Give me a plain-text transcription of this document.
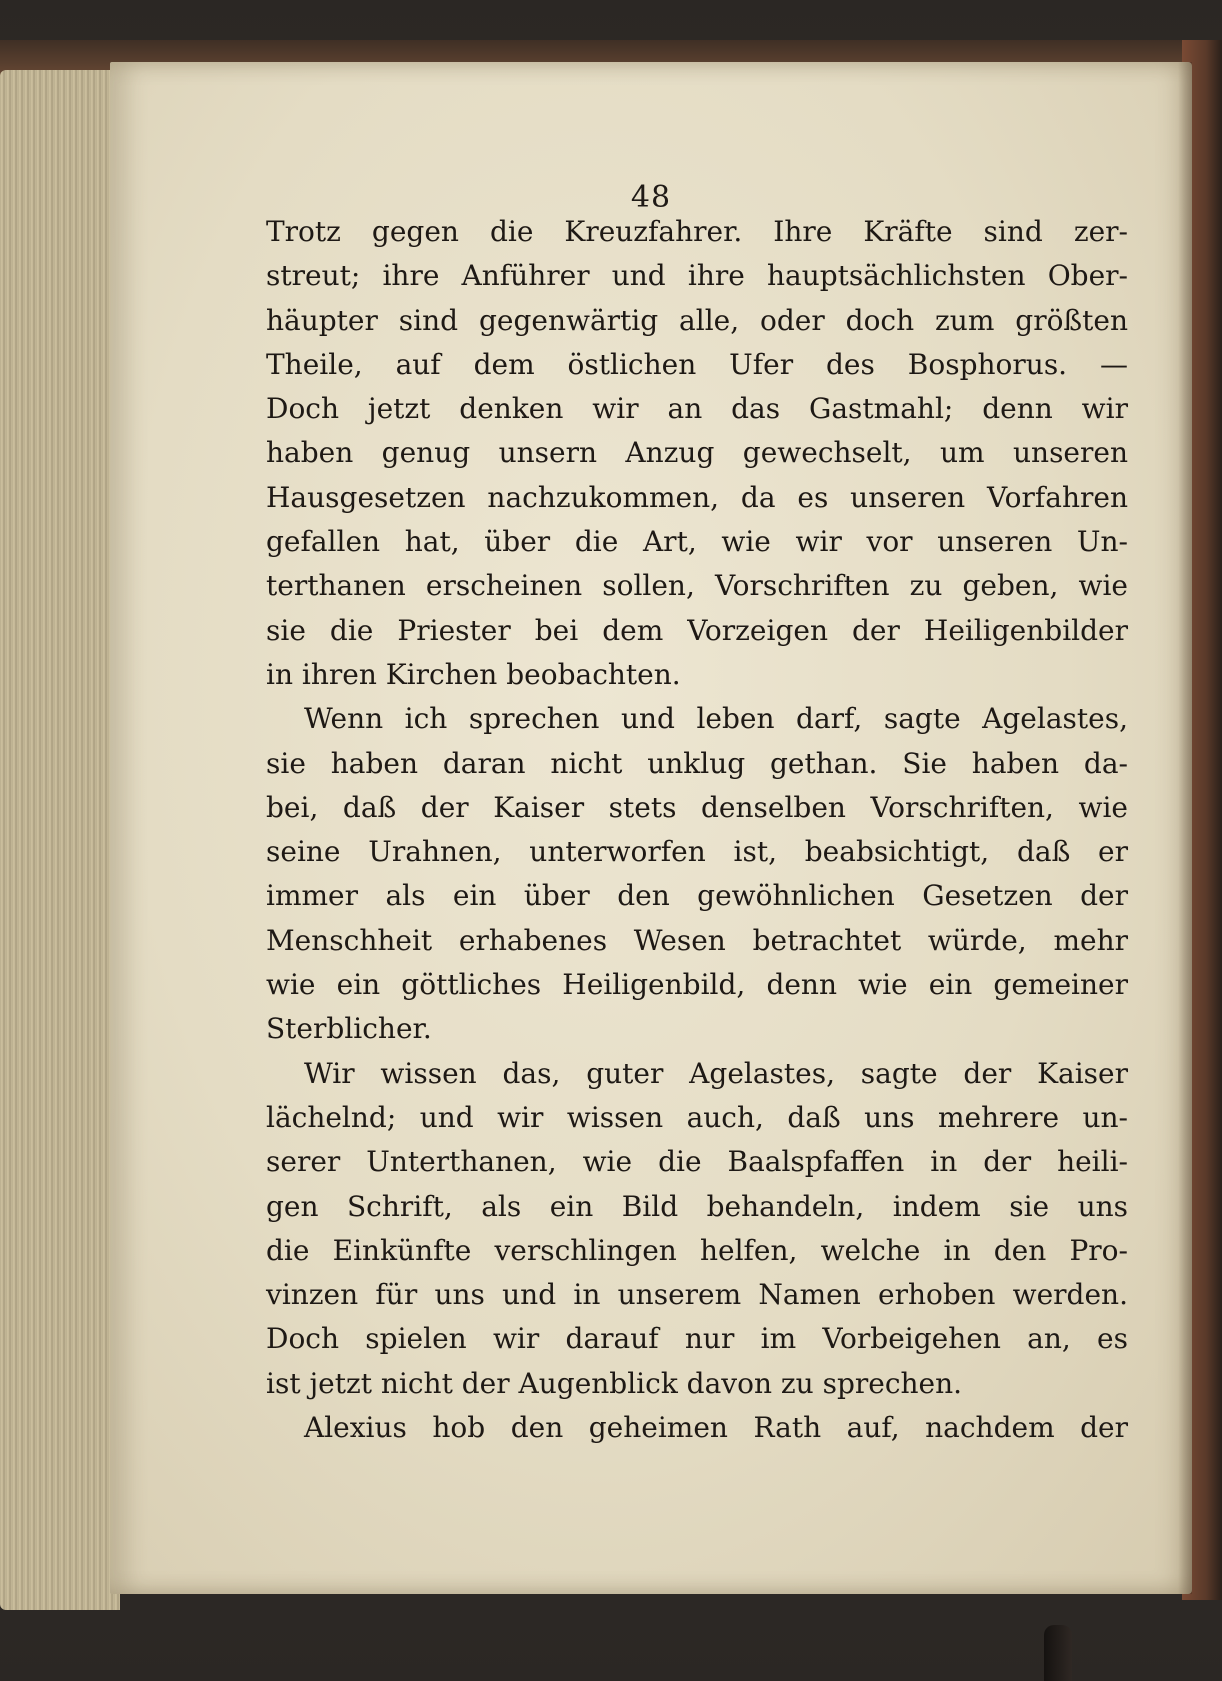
48
Trotz gegen die Kreuzfahrer. Ihre Kräfte sind zer-
streut; ihre Anführer und ihre hauptsächlichsten Ober-
häupter sind gegenwärtig alle, oder doch zum größten
Theile, auf dem östlichen Ufer des Bosphorus. —
Doch jetzt denken wir an das Gastmahl; denn wir
haben genug unsern Anzug gewechselt, um unseren
Hausgesetzen nachzukommen, da es unseren Vorfahren
gefallen hat, über die Art, wie wir vor unseren Un-
terthanen erscheinen sollen, Vorschriften zu geben, wie
sie die Priester bei dem Vorzeigen der Heiligenbilder
in ihren Kirchen beobachten.
Wenn ich sprechen und leben darf, sagte Agelastes,
sie haben daran nicht unklug gethan. Sie haben da-
bei, daß der Kaiser stets denselben Vorschriften, wie
seine Urahnen, unterworfen ist, beabsichtigt, daß er
immer als ein über den gewöhnlichen Gesetzen der
Menschheit erhabenes Wesen betrachtet würde, mehr
wie ein göttliches Heiligenbild, denn wie ein gemeiner
Sterblicher.
Wir wissen das, guter Agelastes, sagte der Kaiser
lächelnd; und wir wissen auch, daß uns mehrere un-
serer Unterthanen, wie die Baalspfaffen in der heili-
gen Schrift, als ein Bild behandeln, indem sie uns
die Einkünfte verschlingen helfen, welche in den Pro-
vinzen für uns und in unserem Namen erhoben werden.
Doch spielen wir darauf nur im Vorbeigehen an, es
ist jetzt nicht der Augenblick davon zu sprechen.
Alexius hob den geheimen Rath auf, nachdem der
